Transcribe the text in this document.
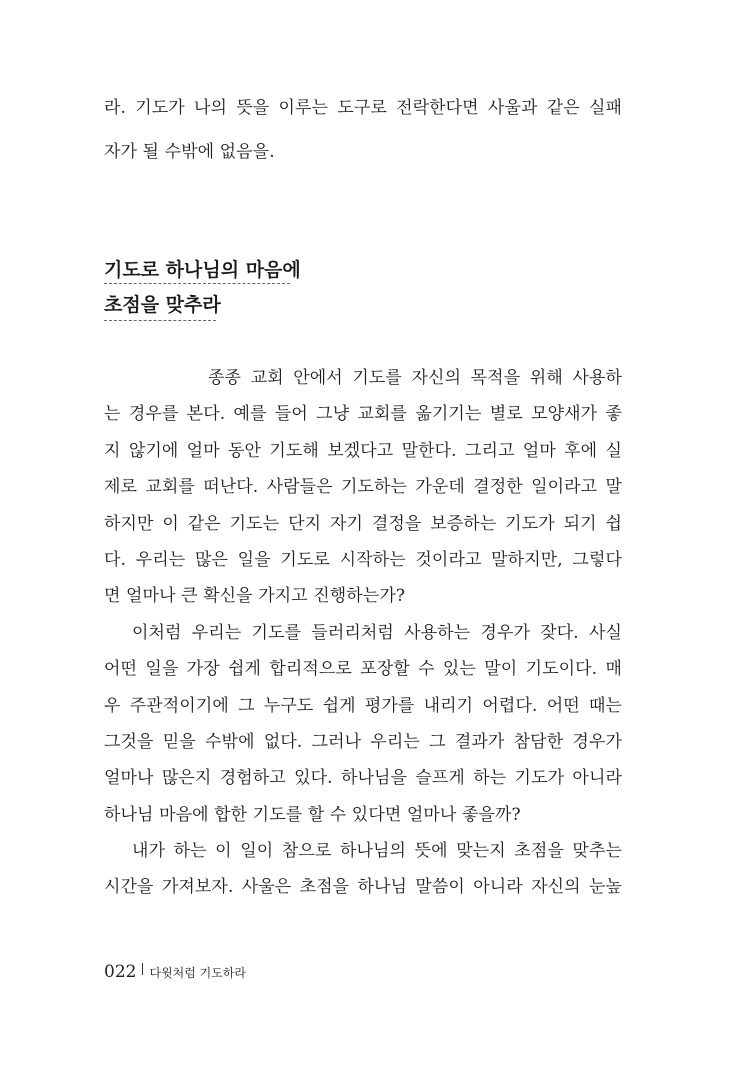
라. 기도가 나의 뜻을 이루는 도구로 전락한다면 사울과 같은 실패
자가 될 수밖에 없음을.
기도로 하나님의 마음에
초점을 맞추라
종종 교회 안에서 기도를 자신의 목적을 위해 사용하
는 경우를 본다. 예를 들어 그냥 교회를 옮기기는 별로 모양새가 좋
지 않기에 얼마 동안 기도해 보겠다고 말한다. 그리고 얼마 후에 실
제로 교회를 떠난다. 사람들은 기도하는 가운데 결정한 일이라고 말
하지만 이 같은 기도는 단지 자기 결정을 보증하는 기도가 되기 쉽
다. 우리는 많은 일을 기도로 시작하는 것이라고 말하지만, 그렇다
면 얼마나 큰 확신을 가지고 진행하는가?
이처럼 우리는 기도를 들러리처럼 사용하는 경우가 잦다. 사실
어떤 일을 가장 쉽게 합리적으로 포장할 수 있는 말이 기도이다. 매
우 주관적이기에 그 누구도 쉽게 평가를 내리기 어렵다. 어떤 때는
그것을 믿을 수밖에 없다. 그러나 우리는 그 결과가 참담한 경우가
얼마나 많은지 경험하고 있다. 하나님을 슬프게 하는 기도가 아니라
하나님 마음에 합한 기도를 할 수 있다면 얼마나 좋을까?
내가 하는 이 일이 참으로 하나님의 뜻에 맞는지 초점을 맞추는
시간을 가져보자. 사울은 초점을 하나님 말씀이 아니라 자신의 눈높
022 다윗처럼 기도하라
